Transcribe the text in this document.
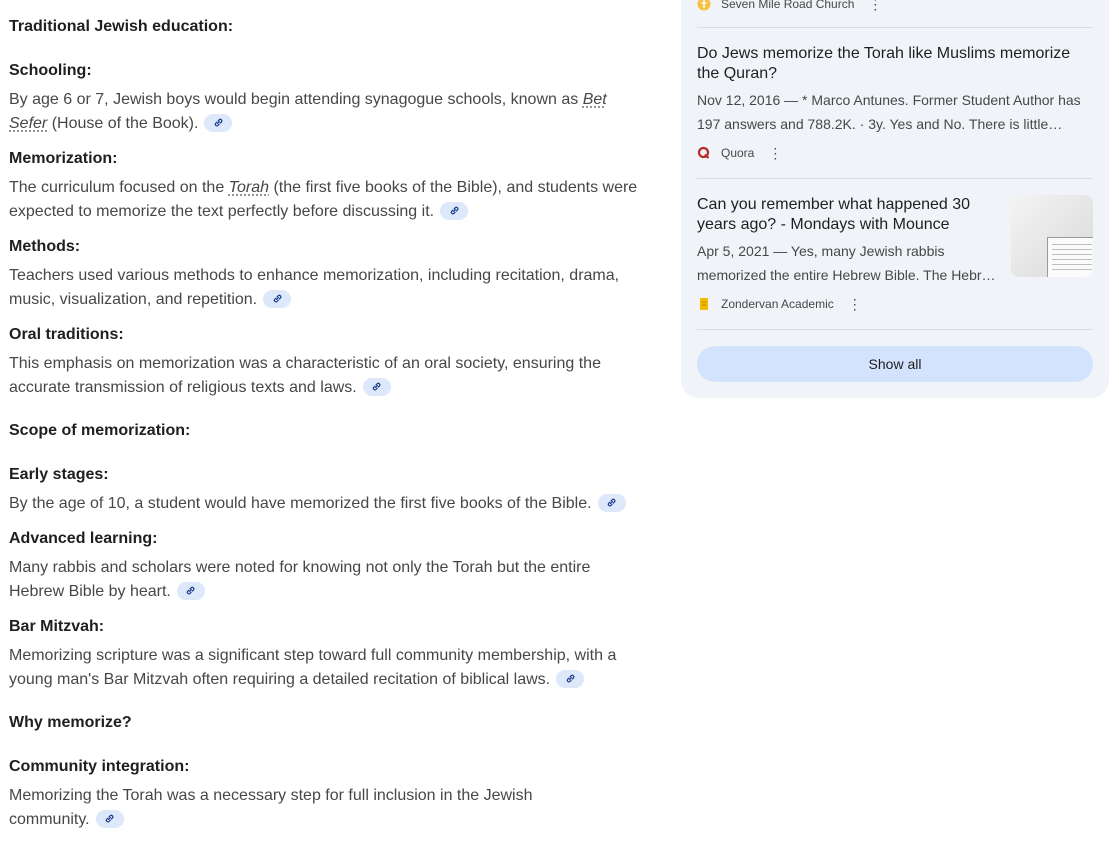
Traditional Jewish education:
Schooling:
By age 6 or 7, Jewish boys would begin attending synagogue schools, known as Bet Sefer (House of the Book).
Memorization:
The curriculum focused on the Torah (the first five books of the Bible), and students were expected to memorize the text perfectly before discussing it.
Methods:
Teachers used various methods to enhance memorization, including recitation, drama, music, visualization, and repetition.
Oral traditions:
This emphasis on memorization was a characteristic of an oral society, ensuring the accurate transmission of religious texts and laws.
Scope of memorization:
Early stages:
By the age of 10, a student would have memorized the first five books of the Bible.
Advanced learning:
Many rabbis and scholars were noted for knowing not only the Torah but the entire Hebrew Bible by heart.
Bar Mitzvah:
Memorizing scripture was a significant step toward full community membership, with a young man's Bar Mitzvah often requiring a detailed recitation of biblical laws.
Why memorize?
Community integration:
Memorizing the Torah was a necessary step for full inclusion in the Jewish community.
Seven Mile Road Church ⋮
Do Jews memorize the Torah like Muslims memorize the Quran?
Nov 12, 2016 — * Marco Antunes. Former Student Author has
197 answers and 788.2K. · 3y. Yes and No. There is little…
Quora ⋮
Can you remember what happened 30 years ago? - Mondays with Mounce
Apr 5, 2021 — Yes, many Jewish rabbis
memorized the entire Hebrew Bible. The Hebr…
Zondervan Academic ⋮
Show all
